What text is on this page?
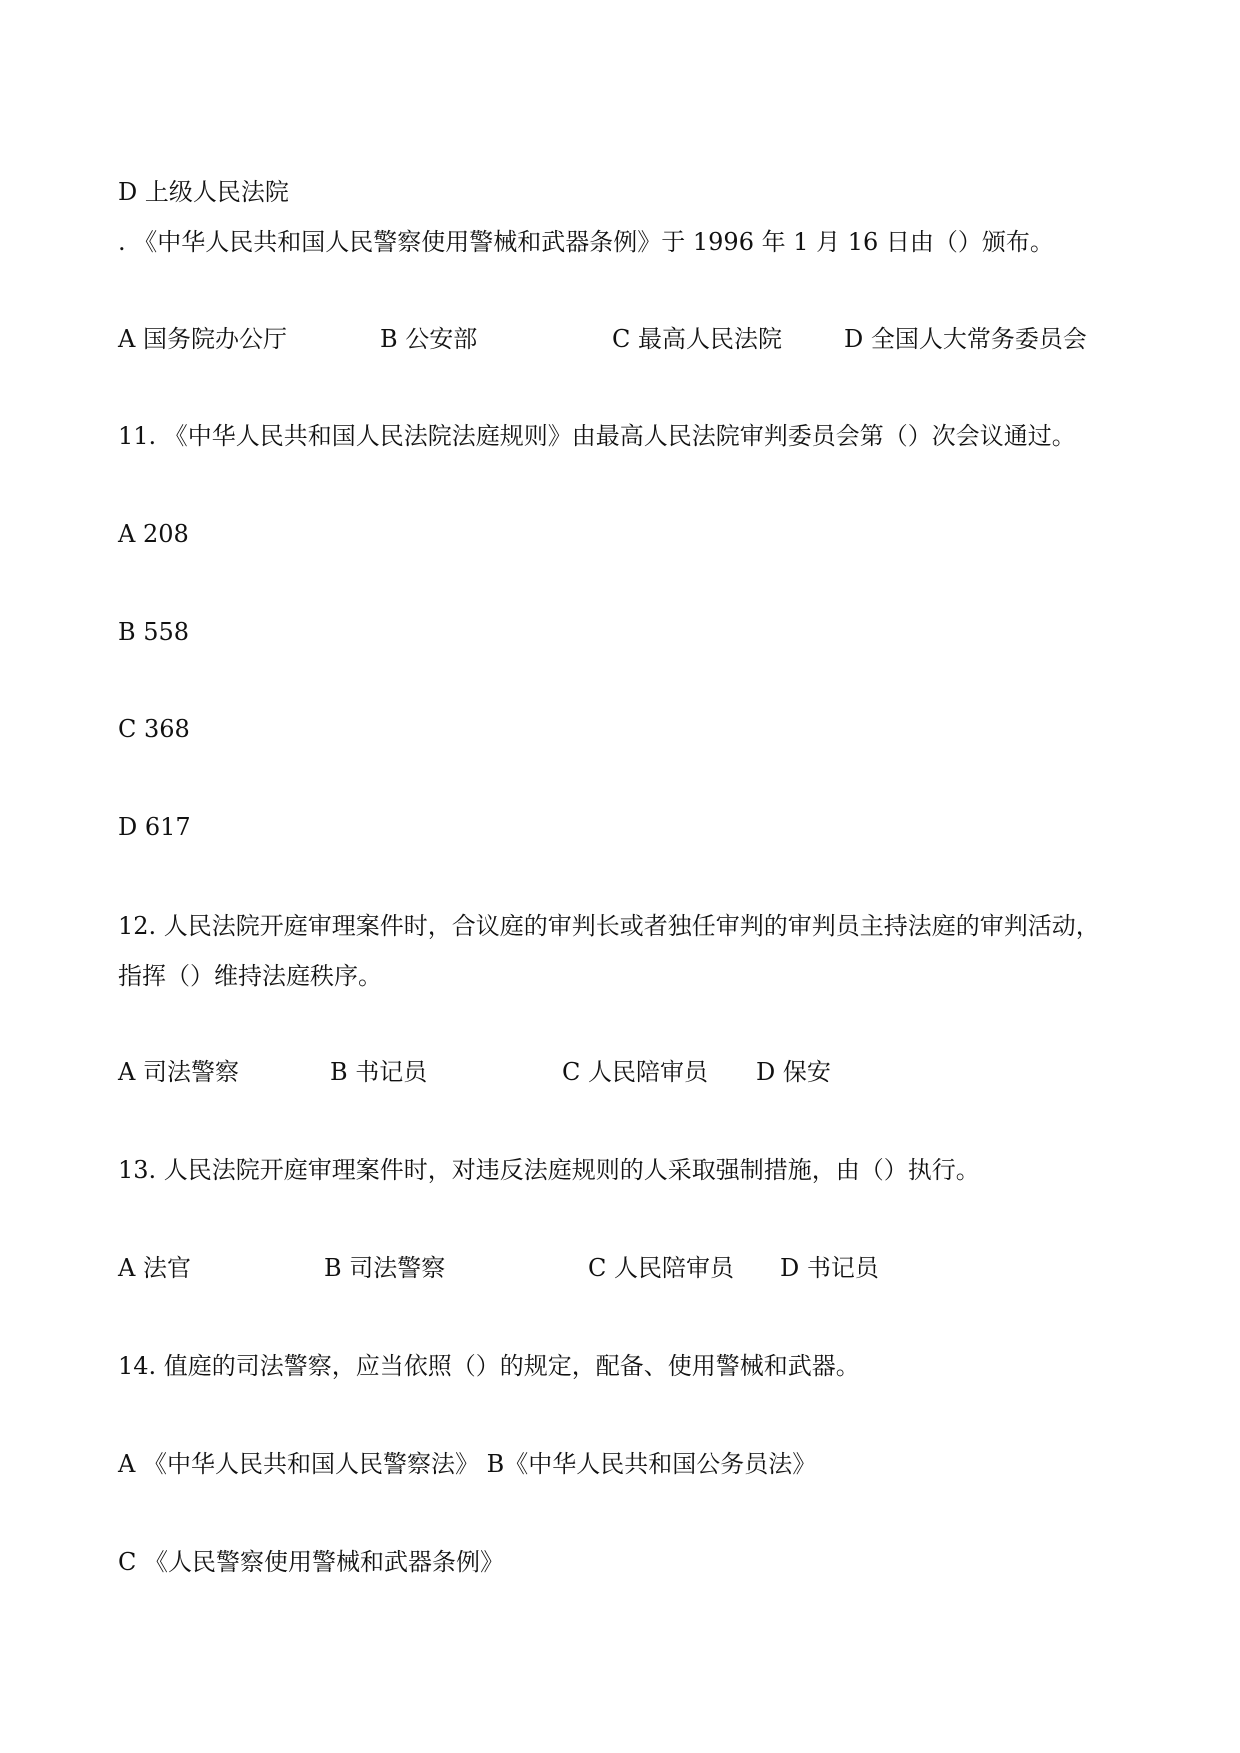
D 上级人民法院
. 《中华人民共和国人民警察使用警械和武器条例》于 1996 年 1 月 16 日由（）颁布。
A 国务院办公厅	B 公安部	C 最高人民法院	D 全国人大常务委员会
11. 《中华人民共和国人民法院法庭规则》由最高人民法院审判委员会第（）次会议通过。
A 208
B 558
C 368
D 617
12. 人民法院开庭审理案件时，合议庭的审判长或者独任审判的审判员主持法庭的审判活动，
指挥（）维持法庭秩序。
A 司法警察	B 书记员	C 人民陪审员 D 保安
13. 人民法院开庭审理案件时，对违反法庭规则的人采取强制措施，由（）执行。
A 法官	B 司法警察	C 人民陪审员 D 书记员
14. 值庭的司法警察，应当依照（）的规定，配备、使用警械和武器。
A 《中华人民共和国人民警察法》 B《中华人民共和国公务员法》
C 《人民警察使用警械和武器条例》
